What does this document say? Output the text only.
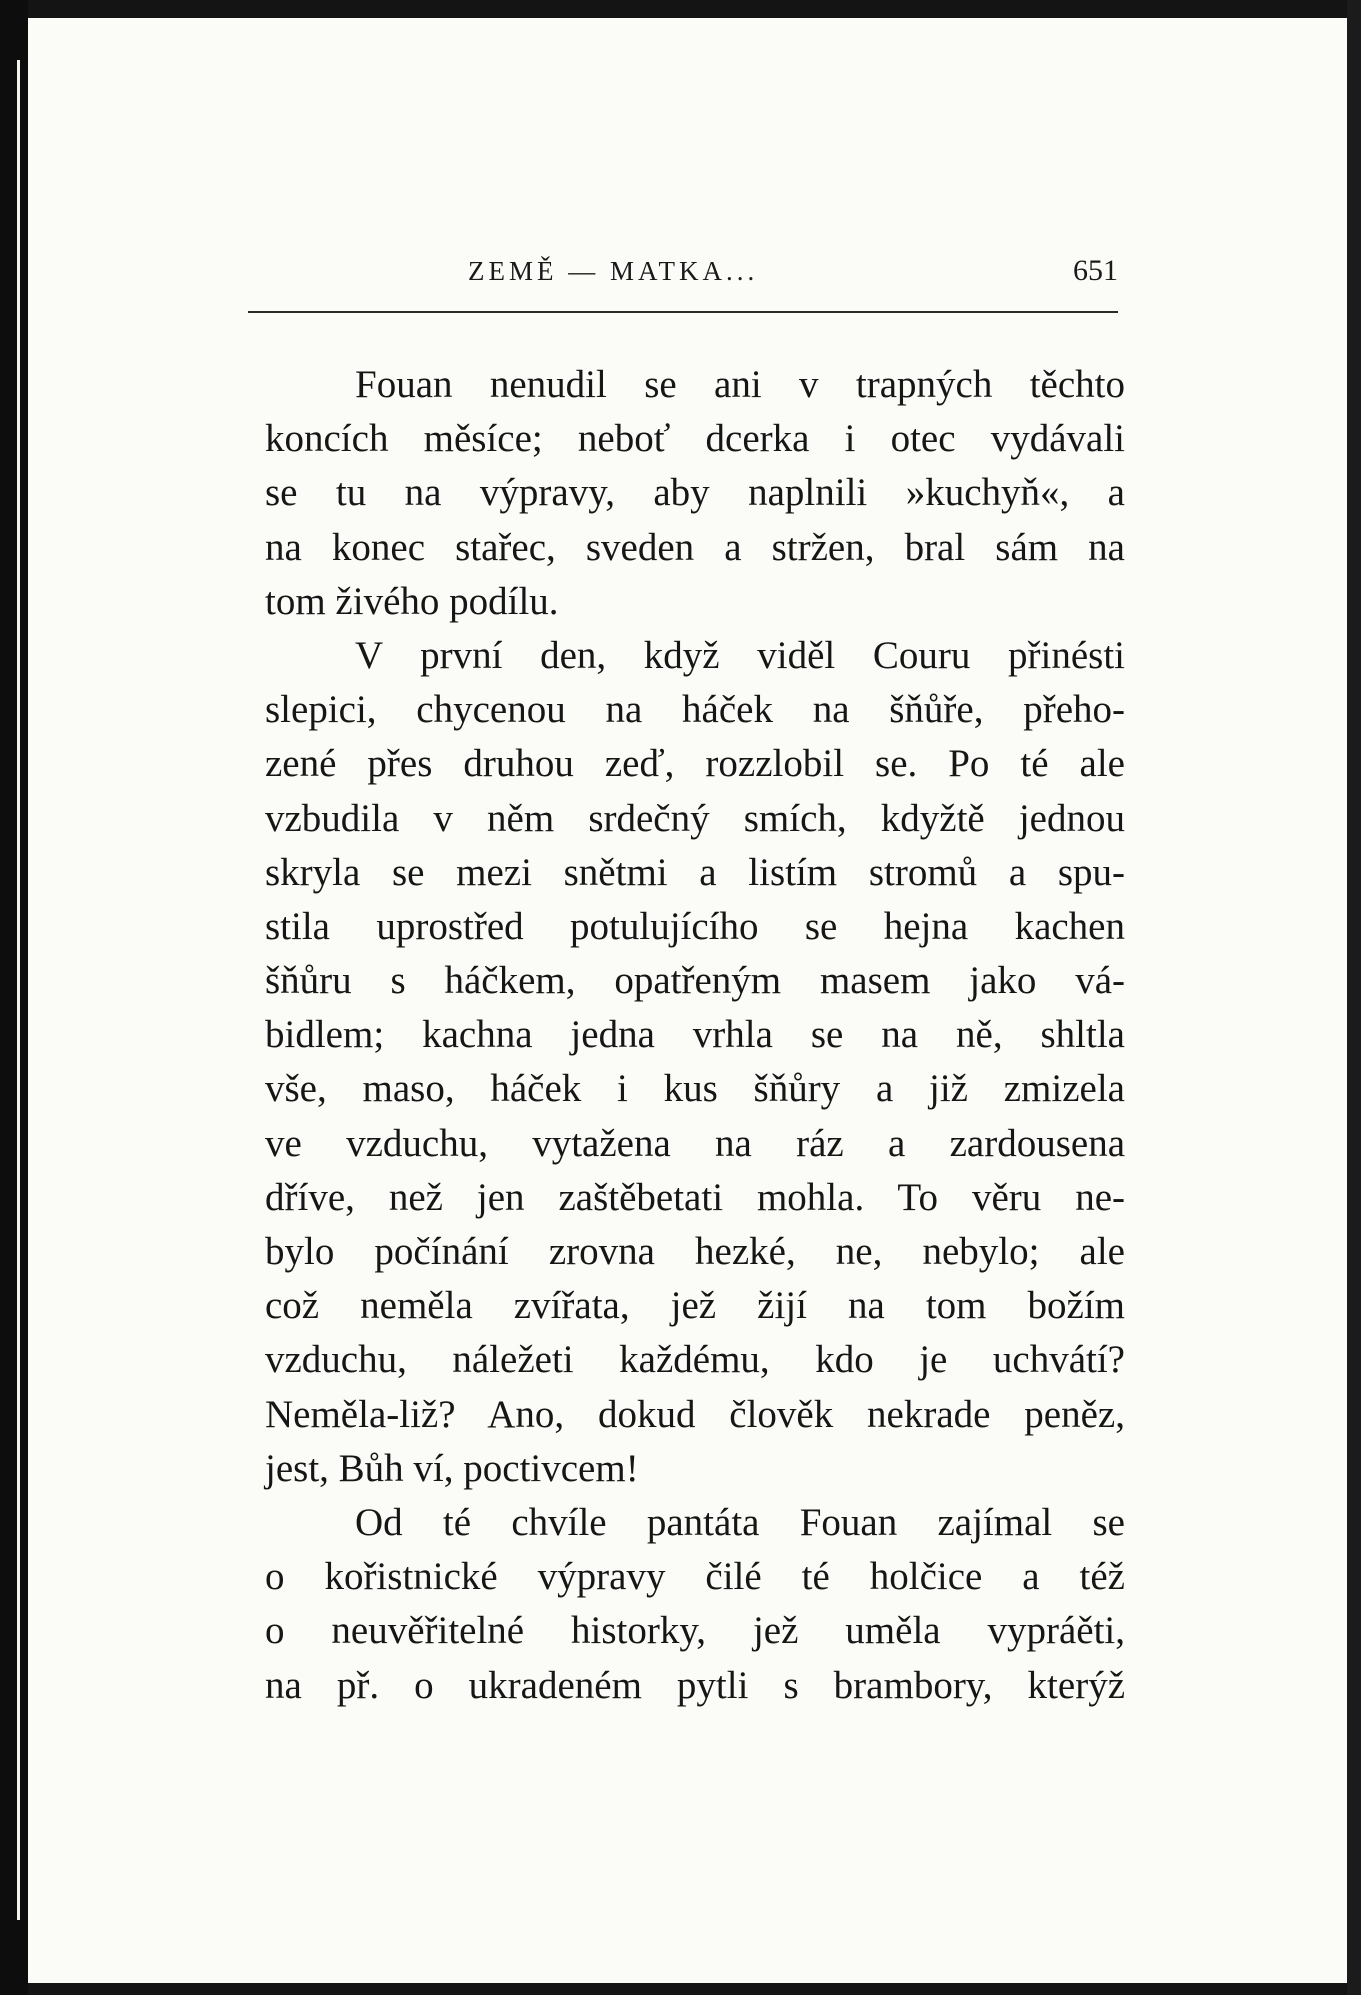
ZEMĚ — MATKA...	651
Fouan nenudil se ani v trapných těchto
koncích měsíce; neboť dcerka i otec vydávali
se tu na výpravy, aby naplnili »kuchyň«, a
na konec stařec, sveden a stržen, bral sám na
tom živého podílu.
V první den, když viděl Couru přinésti
slepici, chycenou na háček na šňůře, přeho-
zené přes druhou zeď, rozzlobil se. Po té ale
vzbudila v něm srdečný smích, kdyžtě jednou
skryla se mezi snětmi a listím stromů a spu-
stila uprostřed potulujícího se hejna kachen
šňůru s háčkem, opatřeným masem jako vá-
bidlem; kachna jedna vrhla se na ně, shltla
vše, maso, háček i kus šňůry a již zmizela
ve vzduchu, vytažena na ráz a zardousena
dříve, než jen zaštěbetati mohla. To věru ne-
bylo počínání zrovna hezké, ne, nebylo; ale
což neměla zvířata, jež žijí na tom božím
vzduchu, náležeti každému, kdo je uchvátí?
Neměla-liž? Ano, dokud člověk nekrade peněz,
jest, Bůh ví, poctivcem!
Od té chvíle pantáta Fouan zajímal se
o kořistnické výpravy čilé té holčice a též
o neuvěřitelné historky, jež uměla vypráěti,
na př. o ukradeném pytli s brambory, kterýž
